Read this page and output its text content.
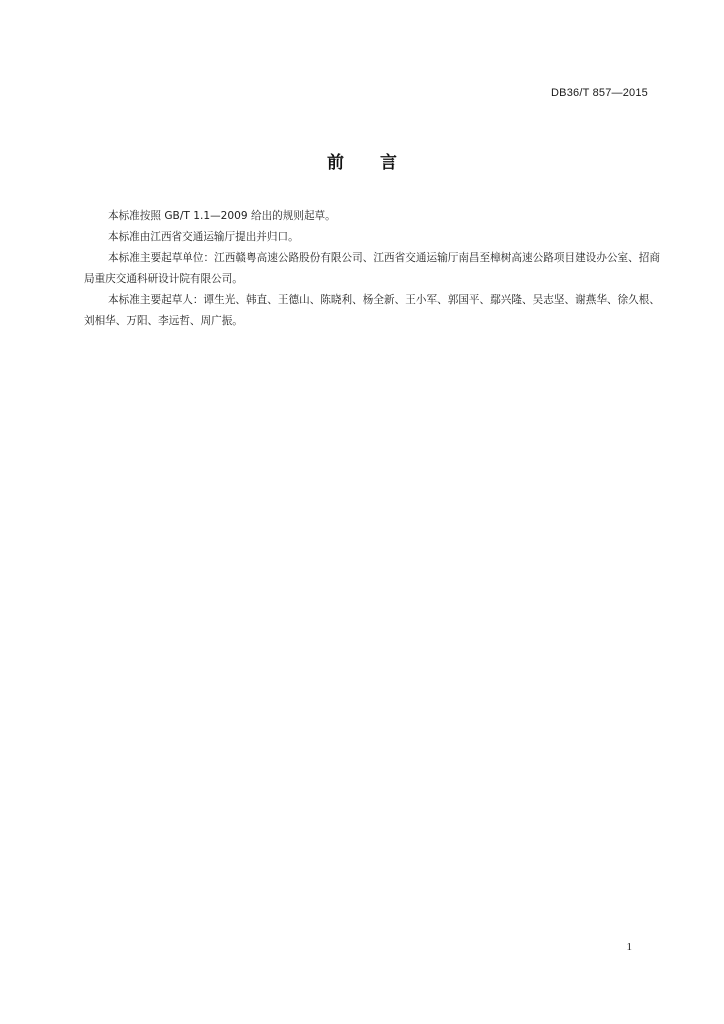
DB36/T 857—2015
前言

本标准按照 GB/T 1.1—2009 给出的规则起草。

本标准由江西省交通运输厅提出并归口。

本标准主要起草单位：江西赣粤高速公路股份有限公司、江西省交通运输厅南昌至樟树高速公路项目建设办公室、招商局重庆交通科研设计院有限公司。

本标准主要起草人：谭生光、韩直、王德山、陈晓利、杨全新、王小军、郭国平、鄢兴隆、吴志坚、谢燕华、徐久根、刘相华、万阳、李远哲、周广振。

1
